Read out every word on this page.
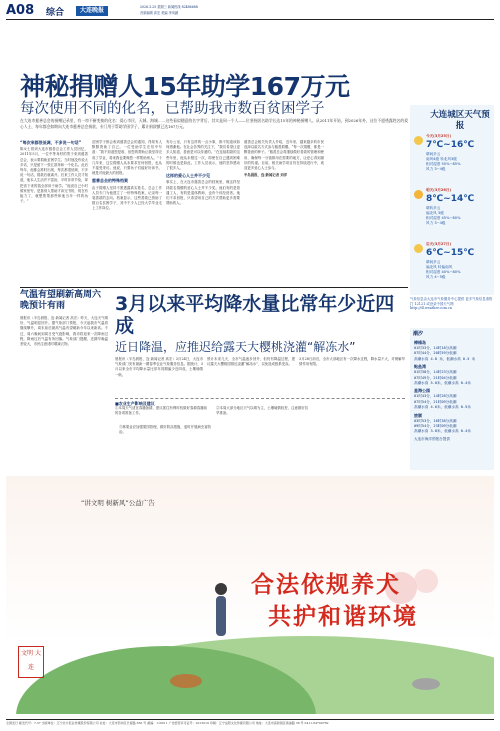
A08 综合	大连晚报	2026.3.25 星期三 新闻热线 82486688
首席编辑 高宏 美编 李凤涵
神秘捐赠人15年助学167万元
每次使用不同的化名，已帮助我市数百贫困学子
在大连市慈善总会的捐赠记录里，有一串不断变换的化名：爱心市民、天城、海城……这些看似随意的名字背后，其实是同一个人——位坚持匿名助学长达15年的神秘捐赠人。从2011年开始，到2026年外，这位不愿透露姓名的爱心人士，每年都会如期向大连市慈善总会捐款，专门用于帮助学困学子，累计捐款额已达167万元。
“每次来都很低调，不多说一句话”
陈女士曾到大连市慈善总会工作人员回忆，2011年5月，一位中等身材的男子来到慈善总会，表示要捐助贫困学生。当时他没有说太多话，只是留下一张汇款单和一个化名。此后每年，他都会准时出现，每次都很低调，不多说一句话，捐款后就离开。后来工作人员才知道，他本人生活并不富裕，平时非常节俭，却把省下来的钱全部用于助学。“他说自己小时候家里穷，是靠别人帮助才读完书的，现在有能力了，就想帮帮那些和他当年一样的孩子。”
贫困学子都会收到慈善总会的通知，得知有人默默资助了自己。一位受助学生在信中写道：“我不知道您是谁，但您的帮助让我坚持完成了学业，将来我也要像您一样帮助别人。”十几年来，这位捐赠人从未要求任何回报，也从不接受采访。他说，只要孩子们能好好读书，就是对他最大的回报。
慈善总会的特殊档案
由于捐赠人坚持不愿透露真实姓名，总会工作人员专门为他建立了一份特殊档案，记录每一笔善款的去向。档案显示，这些善款已资助了数百名贫困学子，其中不少人已经大学毕业走上工作岗位。
有办公室，只有这样的一点小事，都不知道该如何感谢他。在社会各界的关注下，“我们希望让更多人知道，善意是可以传递的。”在连续捐款的这些年里，他从未错过一次，即使在自己遇到困难的时候也是如此。工作人员表示，他的坚持感动了很多人。
这样的爱心人士并不少见
事实上，在大连市慈善总会的档案里，像这样坚持匿名捐赠的爱心人士并不少见。他们有的是普通工人，有的是退休教师，也有个体经营者。他们不求回报，只希望用自己的方式帮助更多需要帮助的人。
慈善总会相关负责人介绍，近年来，越来越多的市民选择以匿名方式参与慈善捐赠。“每一次捐赠，都是一颗善意的种子。”慈善总会将继续做好善款的管理和使用，确保每一分钱都用在需要的地方，让爱心得到最好的传递。目前，相关助学项目仍在持续进行中，欢迎更多爱心人士参与。
半岛晨报、连·新闻记者 刘洋
大连城区天气预报
今天(3月25日)
7℃~16℃
晴间多云
南风4级 转北风3级
相对湿度 50%~85%
风力 3~4级
明天(3月26日)
8℃~14℃
晴转多云
偏北风 3级
相对湿度 45%~80%
风力 3~4级
后天(3月27日)
6℃~15℃
晴间多云
偏北风 转偏南风
相对湿度 40%~80%
风力 4~5级
气象信息由大连市气象服务中心提供 更多气象信息请拨打 12121 或登录中国天气网 http://dl.weather.com.cn
潮汐
棒棰岛
01时33分，14时18分高潮
07时44分，20时59分低潮
高潮水高 4.8 米，低潮水高 0.5 米
鲇鱼湾
01时38分，14时23分高潮
07时49分，21时04分低潮
高潮水高 5.0米，低潮水高 0.4米
星海公园
01时43分，14时28分高潮
07时54分，21时09分低潮
高潮水高 4.6米，低潮水高 0.5米
旅顺
03时53分，16时38分高潮
09时54分，23时09分低潮
高潮水高 3.8米，低潮水高 0.4米
大连市海洋预报台提供
气温有望刷新高周六晚预计有雨
晨报讯（半岛晨报、连·新闻记者 高宏）昨天，大连天气晴好，气温明显回升。据气象部门预报，今天起我市气温将继续攀升，周末前后最高气温有望刷新今年以来新高。不过，周六晚间到周日受气旋影响，我市将迎来一次降雨过程，降雨过后气温有所回落。气象部门提醒，近期早晚温差较大，市民注意适时增减衣物。
3月以来平均降水量比常年少近四成
近日降温，应推迟给露天大樱桃浇灌“解冻水”
晨报讯（半岛晨报、连·新闻记者 高宏）3月24日，大连市气象部门发布最新一期春季农业气象服务信息。据统计，3月以来全市平均降水量比常年同期偏少近四成，土壤墒情一般。
预计未来几天，全市气温逐步回升，但仍有降温过程，建议露天大樱桃园推迟浇灌“解冻水”，以免造成根系受冻。
3月28日前后，全市大部地区有一次降水过程，降水量不大，对缓解旱情作用有限。
■农业生产影响及建议
①本周天气适宜春播备耕，建议抓住有利时机做好春耕春播前的各项准备工作。 ②本周大部分地区天气以晴为主，土壤墒情较差，注意做好抗旱准备。 ③林果业应加强果园管理，做好防冻措施，适时开展病虫害防治。
“讲文明 树新风”公益广告
合法依规养犬
共护和谐环境
文明 大连
全国发行 邮发代号：7-37 出版单位：辽宁北方报业传媒股份有限公司 社址：大连市西岗区长春路 360 号 邮编：116011 广告经营许可证号：2013019 印刷：辽宁益阳文化传媒有限公司 地址：大连市高新园区黄浦路 38 号 0411-84799769
